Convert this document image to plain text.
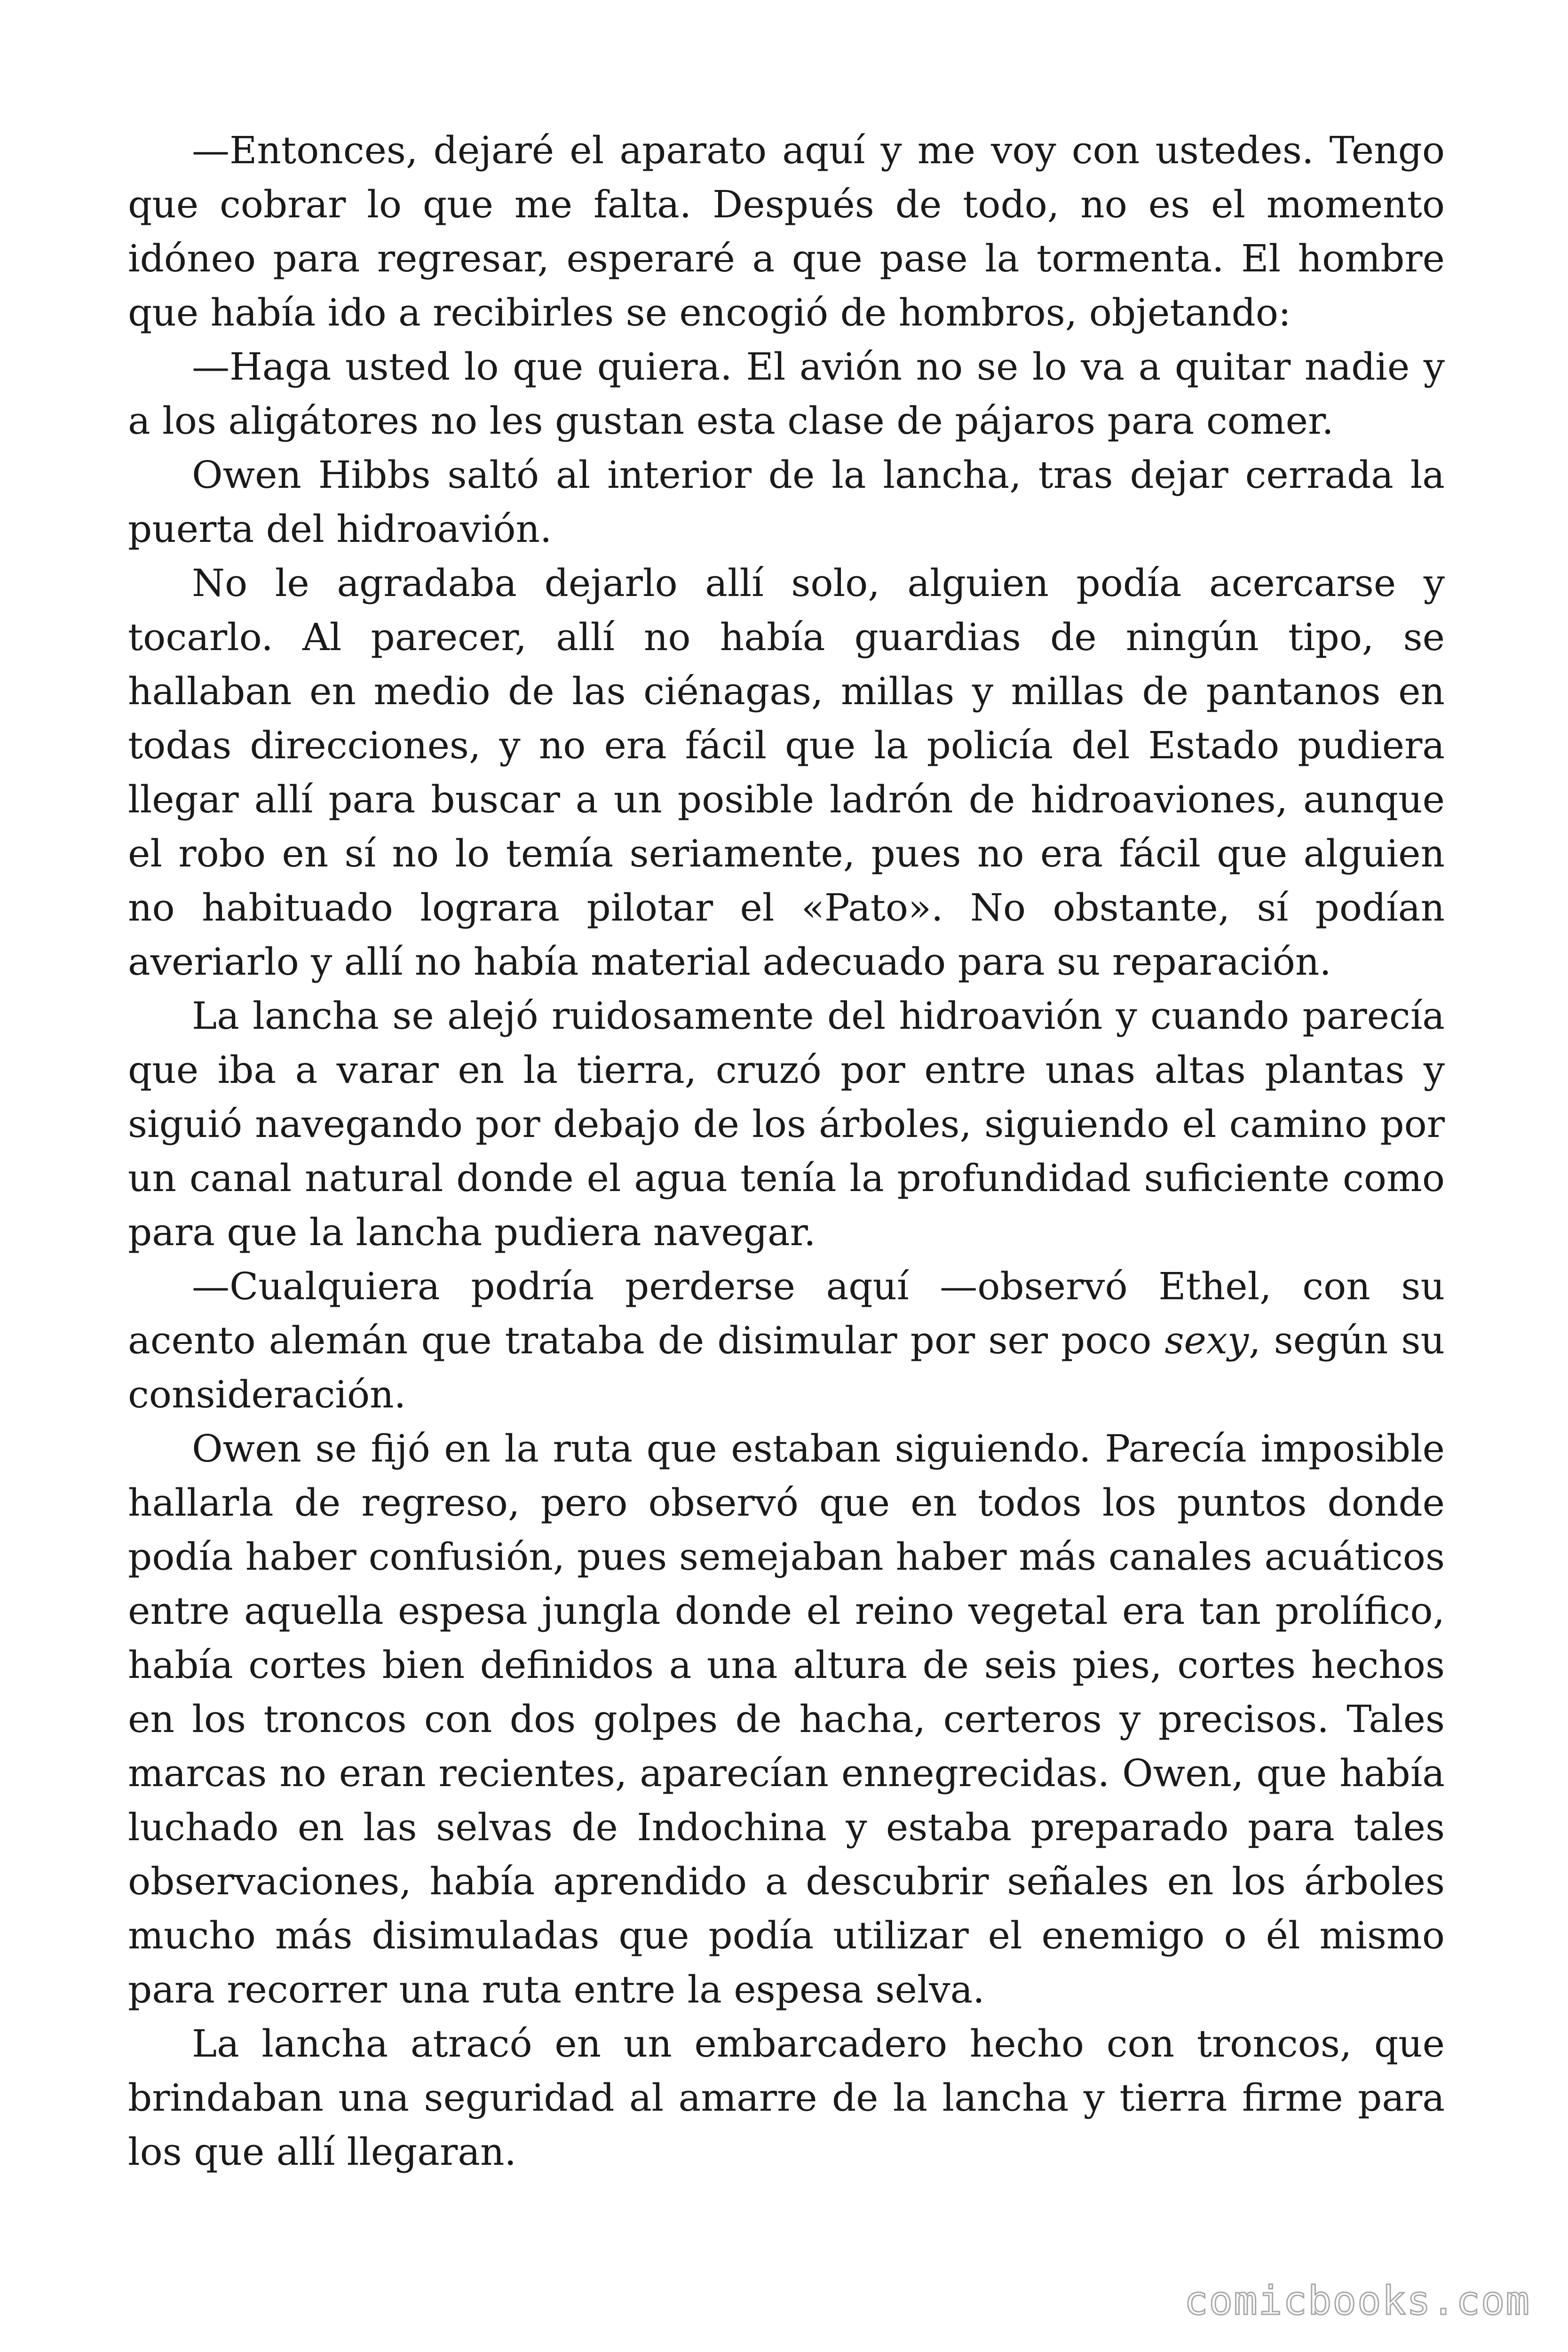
—Entonces, dejaré el aparato aquí y me voy con ustedes. Tengo que cobrar lo que me falta. Después de todo, no es el momento idóneo para regresar, esperaré a que pase la tormenta. El hombre que había ido a recibirles se encogió de hombros, objetando:

—Haga usted lo que quiera. El avión no se lo va a quitar nadie y a los aligátores no les gustan esta clase de pájaros para comer.

Owen Hibbs saltó al interior de la lancha, tras dejar cerrada la puerta del hidroavión.

No le agradaba dejarlo allí solo, alguien podía acercarse y tocarlo. Al parecer, allí no había guardias de ningún tipo, se hallaban en medio de las ciénagas, millas y millas de pantanos en todas direcciones, y no era fácil que la policía del Estado pudiera llegar allí para buscar a un posible ladrón de hidroaviones, aunque el robo en sí no lo temía seriamente, pues no era fácil que alguien no habituado lograra pilotar el «Pato». No obstante, sí podían averiarlo y allí no había material adecuado para su reparación.

La lancha se alejó ruidosamente del hidroavión y cuando parecía que iba a varar en la tierra, cruzó por entre unas altas plantas y siguió navegando por debajo de los árboles, siguiendo el camino por un canal natural donde el agua tenía la profundidad suficiente como para que la lancha pudiera navegar.

—Cualquiera podría perderse aquí —observó Ethel, con su acento alemán que trataba de disimular por ser poco sexy, según su consideración.

Owen se fijó en la ruta que estaban siguiendo. Parecía imposible hallarla de regreso, pero observó que en todos los puntos donde podía haber confusión, pues semejaban haber más canales acuáticos entre aquella espesa jungla donde el reino vegetal era tan prolífico, había cortes bien definidos a una altura de seis pies, cortes hechos en los troncos con dos golpes de hacha, certeros y precisos. Tales marcas no eran recientes, aparecían ennegrecidas. Owen, que había luchado en las selvas de Indochina y estaba preparado para tales observaciones, había aprendido a descubrir señales en los árboles mucho más disimuladas que podía utilizar el enemigo o él mismo para recorrer una ruta entre la espesa selva.

La lancha atracó en un embarcadero hecho con troncos, que brindaban una seguridad al amarre de la lancha y tierra firme para los que allí llegaran.

comicbooks.com
